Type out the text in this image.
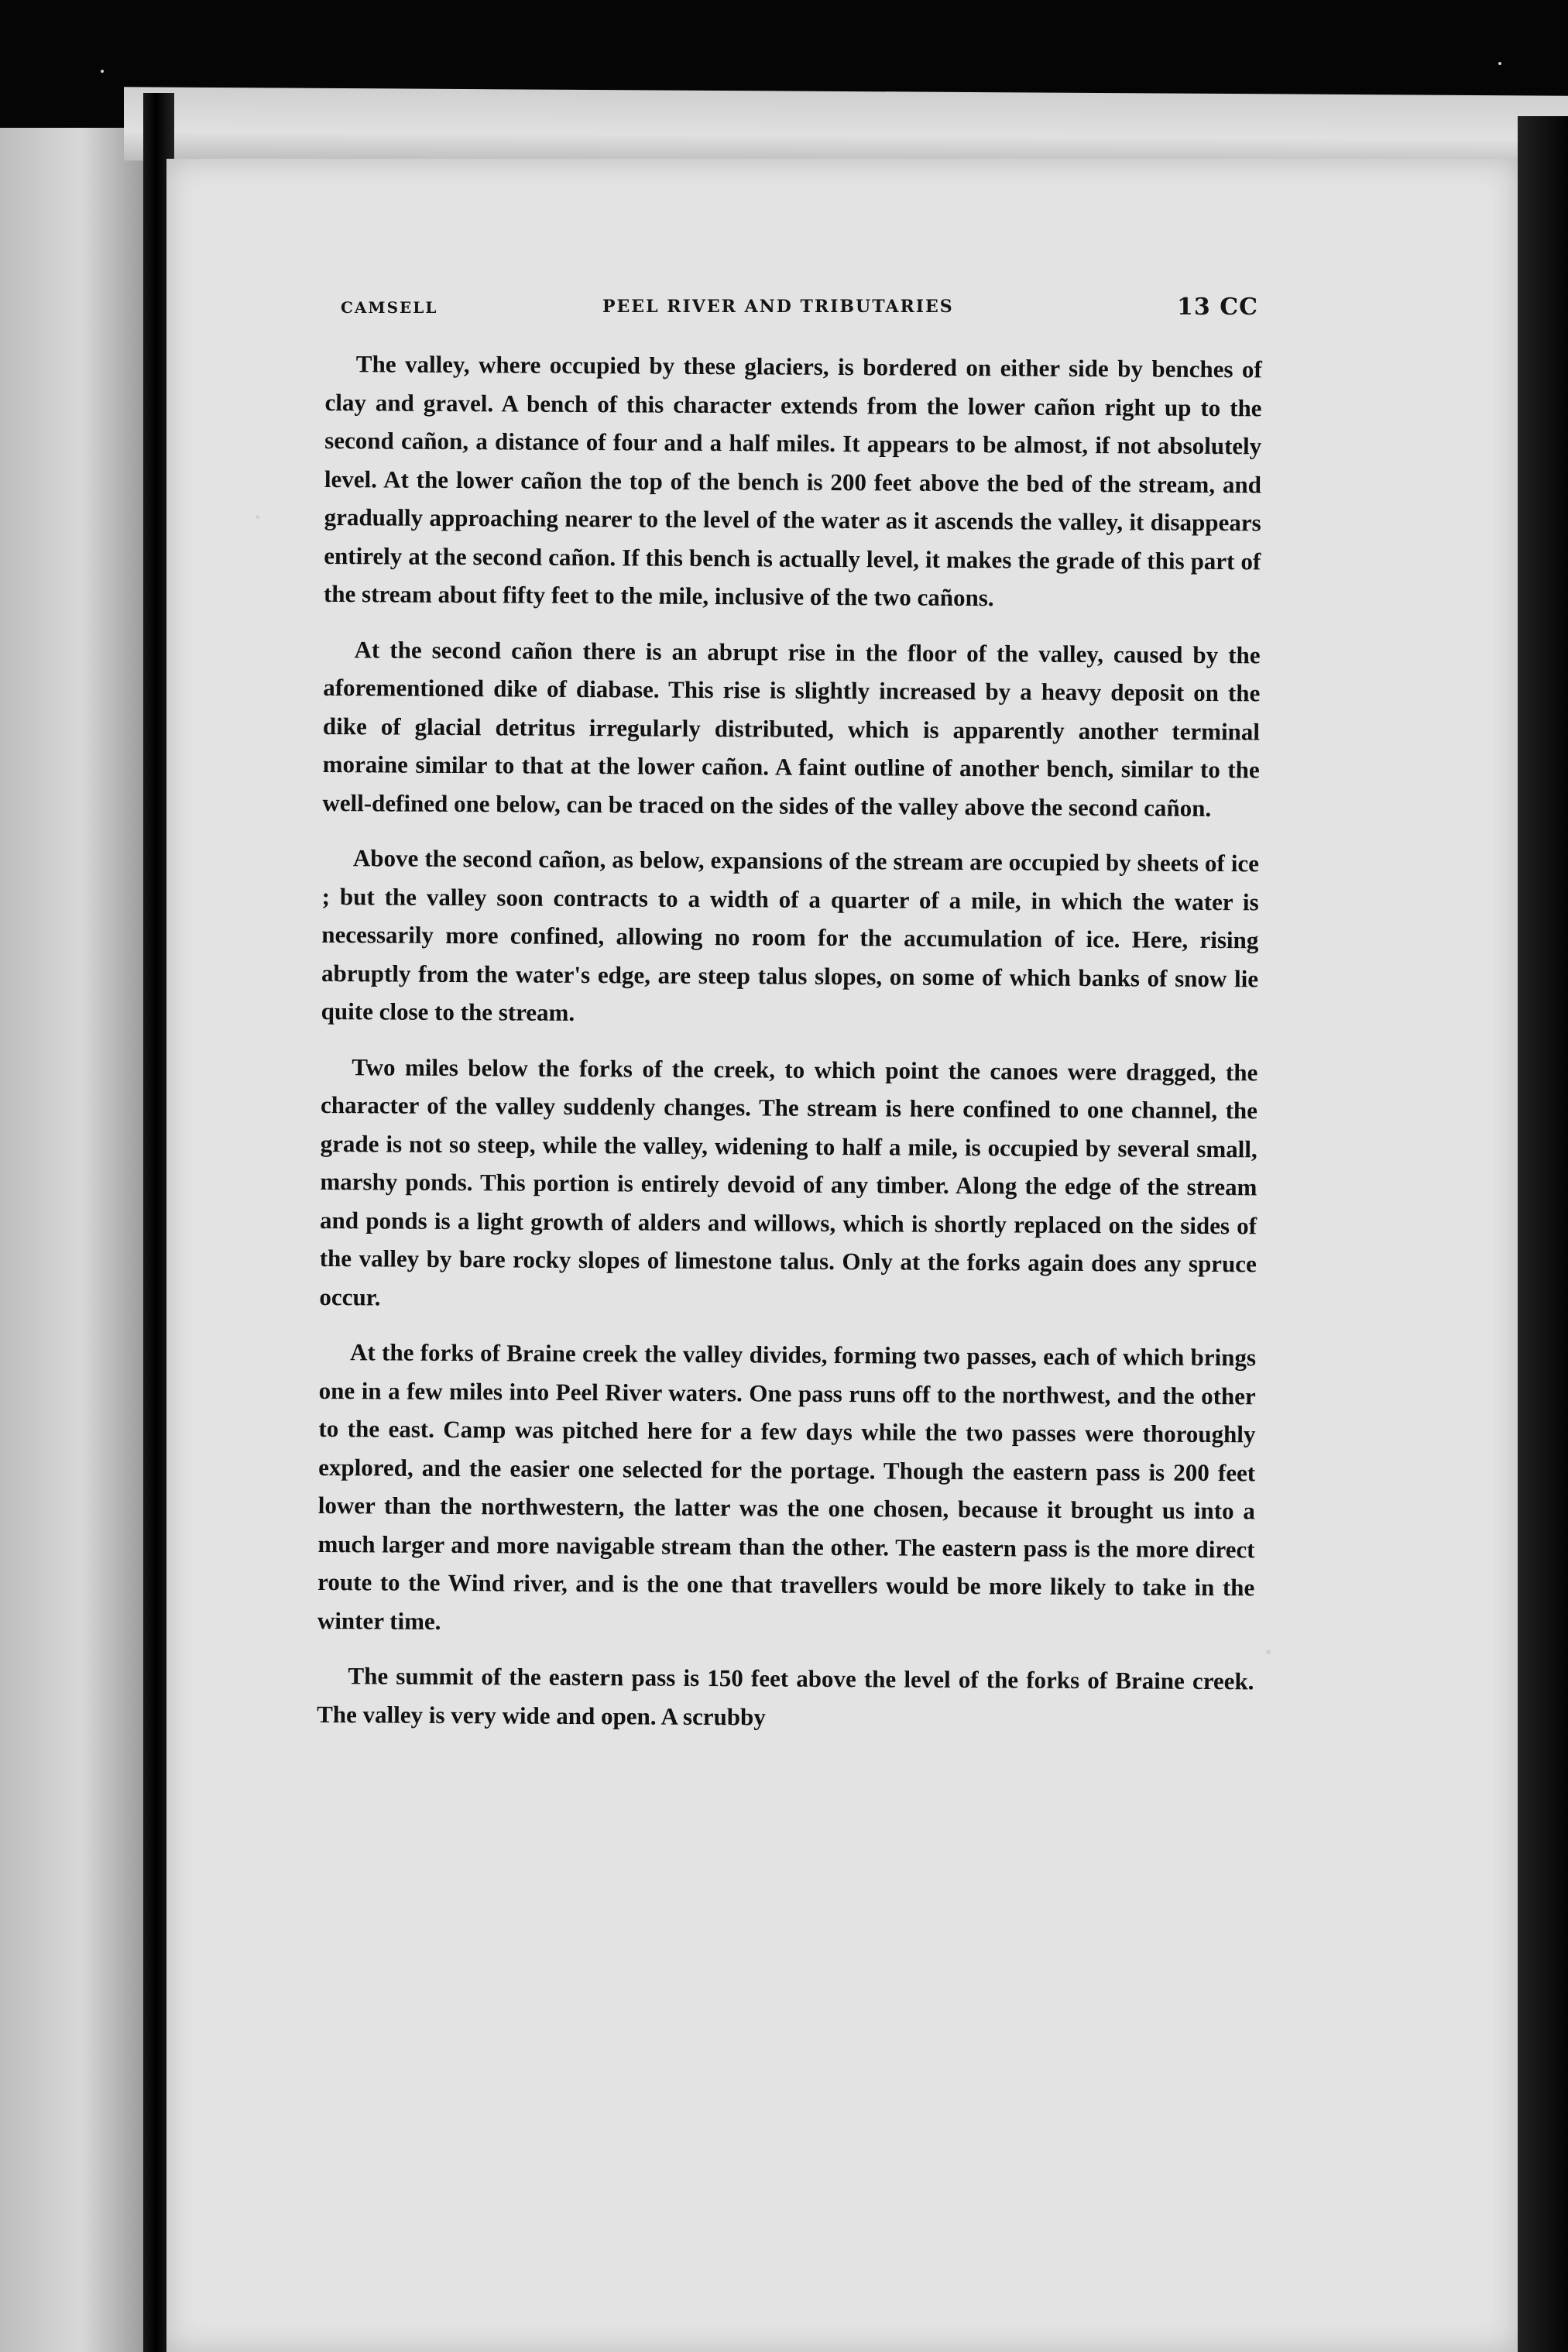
CAMSELL	PEEL RIVER AND TRIBUTARIES	13 CC

The valley, where occupied by these glaciers, is bordered on either side by benches of clay and gravel. A bench of this character extends from the lower cañon right up to the second cañon, a distance of four and a half miles. It appears to be almost, if not absolutely level. At the lower cañon the top of the bench is 200 feet above the bed of the stream, and gradually approaching nearer to the level of the water as it ascends the valley, it disappears entirely at the second cañon. If this bench is actually level, it makes the grade of this part of the stream about fifty feet to the mile, inclusive of the two cañons.

At the second cañon there is an abrupt rise in the floor of the valley, caused by the aforementioned dike of diabase. This rise is slightly increased by a heavy deposit on the dike of glacial detritus irregularly distributed, which is apparently another terminal moraine similar to that at the lower cañon. A faint outline of another bench, similar to the well-defined one below, can be traced on the sides of the valley above the second cañon.

Above the second cañon, as below, expansions of the stream are occupied by sheets of ice ; but the valley soon contracts to a width of a quarter of a mile, in which the water is necessarily more confined, allowing no room for the accumulation of ice. Here, rising abruptly from the water's edge, are steep talus slopes, on some of which banks of snow lie quite close to the stream.

Two miles below the forks of the creek, to which point the canoes were dragged, the character of the valley suddenly changes. The stream is here confined to one channel, the grade is not so steep, while the valley, widening to half a mile, is occupied by several small, marshy ponds. This portion is entirely devoid of any timber. Along the edge of the stream and ponds is a light growth of alders and willows, which is shortly replaced on the sides of the valley by bare rocky slopes of limestone talus. Only at the forks again does any spruce occur.

At the forks of Braine creek the valley divides, forming two passes, each of which brings one in a few miles into Peel River waters. One pass runs off to the northwest, and the other to the east. Camp was pitched here for a few days while the two passes were thoroughly explored, and the easier one selected for the portage. Though the eastern pass is 200 feet lower than the northwestern, the latter was the one chosen, because it brought us into a much larger and more navigable stream than the other. The eastern pass is the more direct route to the Wind river, and is the one that travellers would be more likely to take in the winter time.

The summit of the eastern pass is 150 feet above the level of the forks of Braine creek. The valley is very wide and open. A scrubby
